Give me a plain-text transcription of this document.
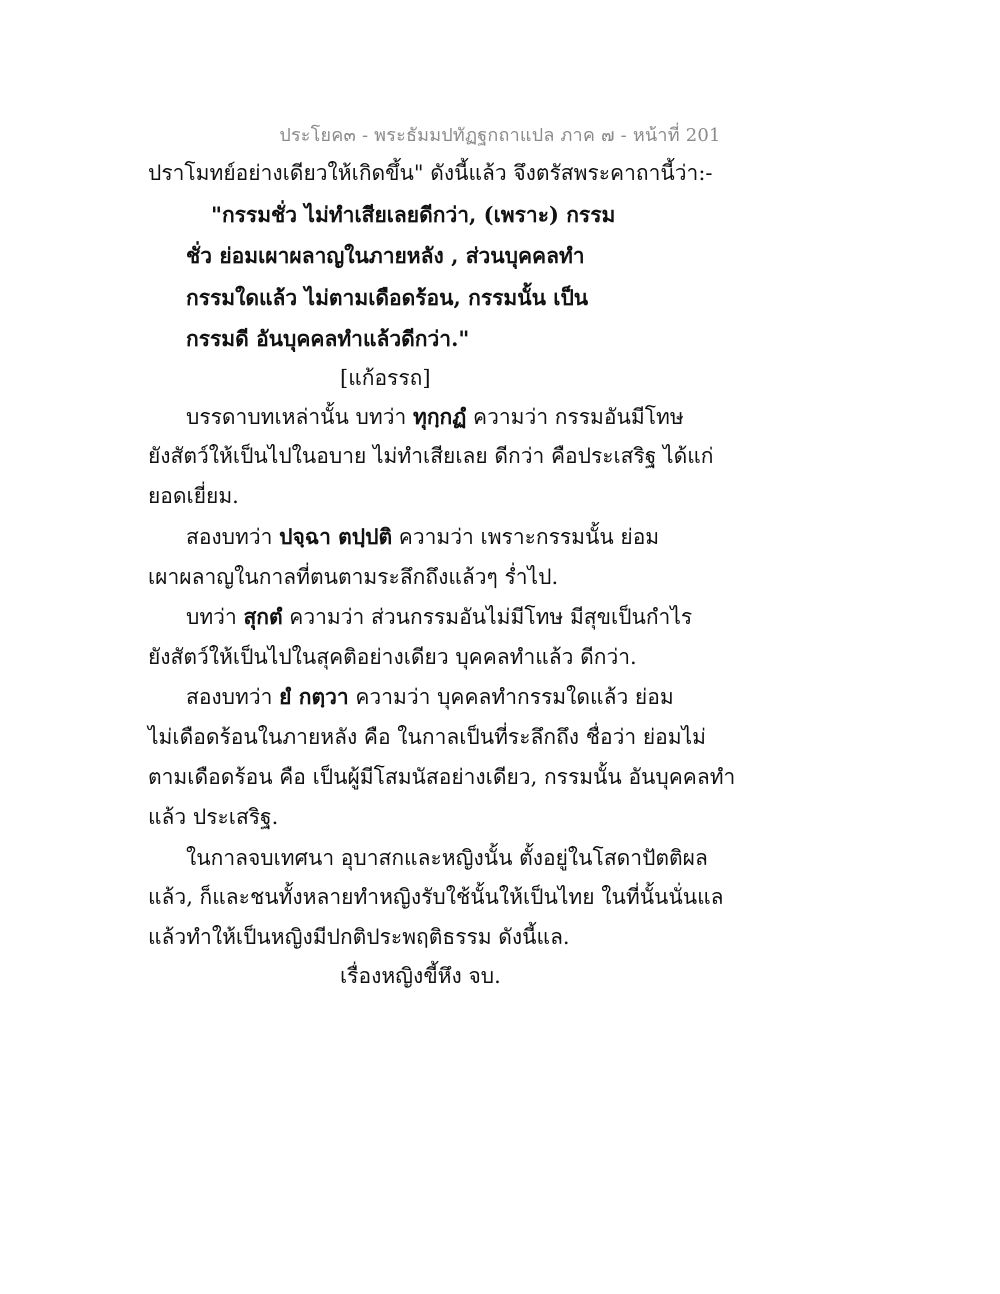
ประโยค๓ - พระธัมมปทัฏฐกถาแปล ภาค ๗ - หน้าที่ 201
ปราโมทย์อย่างเดียวให้เกิดขึ้น" ดังนี้แล้ว จึงตรัสพระคาถานี้ว่า:-
"กรรมชั่ว ไม่ทำเสียเลยดีกว่า, (เพราะ) กรรม
ชั่ว ย่อมเผาผลาญในภายหลัง , ส่วนบุคคลทำ
กรรมใดแล้ว ไม่ตามเดือดร้อน, กรรมนั้น เป็น
กรรมดี อันบุคคลทำแล้วดีกว่า."
[แก้อรรถ]
บรรดาบทเหล่านั้น บทว่า ทุกฺกฏํ ความว่า กรรมอันมีโทษ
ยังสัตว์ให้เป็นไปในอบาย ไม่ทำเสียเลย ดีกว่า คือประเสริฐ ได้แก่
ยอดเยี่ยม.
สองบทว่า ปจฺฉา ตปฺปติ ความว่า เพราะกรรมนั้น ย่อม
เผาผลาญในกาลที่ตนตามระลึกถึงแล้วๆ ร่ำไป.
บทว่า สุกตํ ความว่า ส่วนกรรมอันไม่มีโทษ มีสุขเป็นกำไร
ยังสัตว์ให้เป็นไปในสุคติอย่างเดียว บุคคลทำแล้ว ดีกว่า.
สองบทว่า ยํ กตฺวา ความว่า บุคคลทำกรรมใดแล้ว ย่อม
ไม่เดือดร้อนในภายหลัง คือ ในกาลเป็นที่ระลึกถึง ชื่อว่า ย่อมไม่
ตามเดือดร้อน คือ เป็นผู้มีโสมนัสอย่างเดียว, กรรมนั้น อันบุคคลทำ
แล้ว ประเสริฐ.
ในกาลจบเทศนา อุบาสกและหญิงนั้น ตั้งอยู่ในโสดาปัตติผล
แล้ว, ก็และชนทั้งหลายทำหญิงรับใช้นั้นให้เป็นไทย ในที่นั้นนั่นแล
แล้วทำให้เป็นหญิงมีปกติประพฤติธรรม ดังนี้แล.
เรื่องหญิงขี้หึง จบ.
